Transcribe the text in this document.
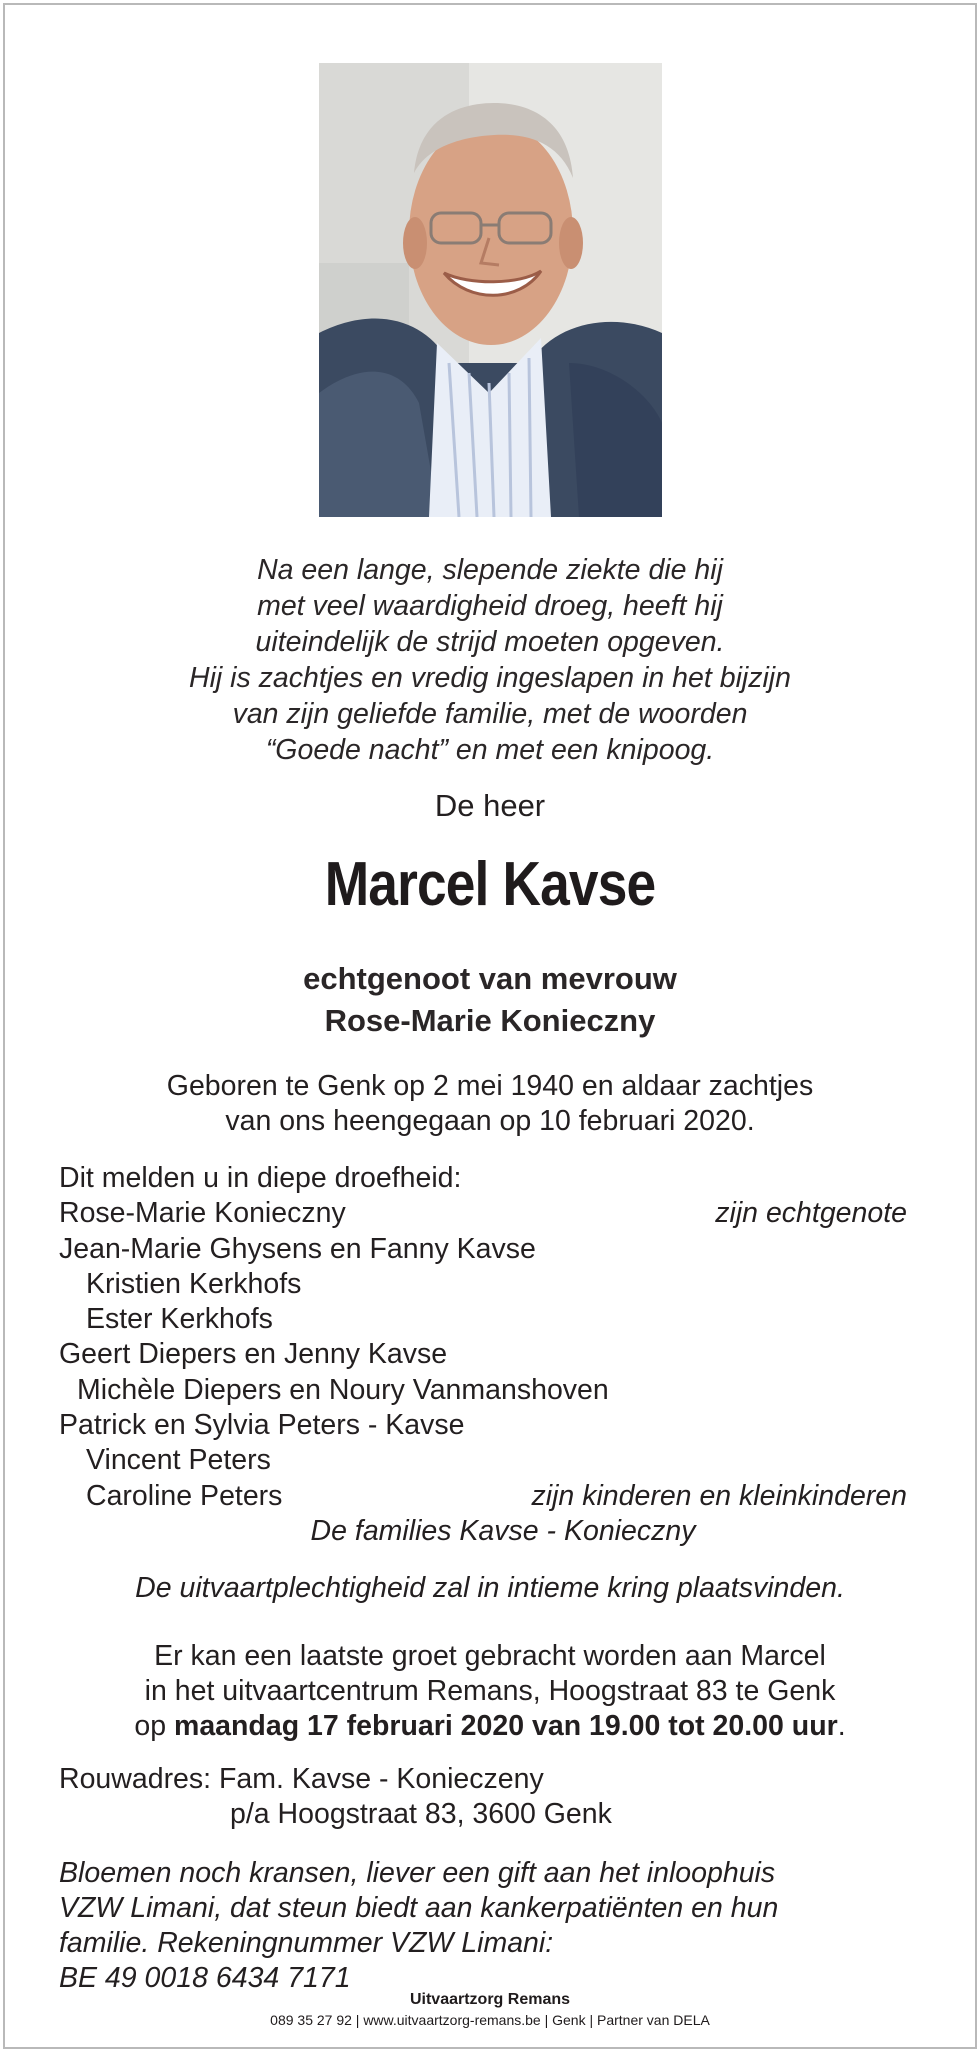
Na een lange, slepende ziekte die hij
met veel waardigheid droeg, heeft hij
uiteindelijk de strijd moeten opgeven.
Hij is zachtjes en vredig ingeslapen in het bijzijn
van zijn geliefde familie, met de woorden
“Goede nacht” en met een knipoog.
De heer
Marcel Kavse
echtgenoot van mevrouw
Rose-Marie Konieczny
Geboren te Genk op 2 mei 1940 en aldaar zachtjes
van ons heengegaan op 10 februari 2020.
Dit melden u in diepe droefheid:
Rose-Marie Konieczny	zijn echtgenote
Jean-Marie Ghysens en Fanny Kavse
Kristien Kerkhofs
Ester Kerkhofs
Geert Diepers en Jenny Kavse
Michèle Diepers en Noury Vanmanshoven
Patrick en Sylvia Peters - Kavse
Vincent Peters
Caroline Peters	zijn kinderen en kleinkinderen
De families Kavse - Konieczny
De uitvaartplechtigheid zal in intieme kring plaatsvinden.
Er kan een laatste groet gebracht worden aan Marcel
in het uitvaartcentrum Remans, Hoogstraat 83 te Genk
op maandag 17 februari 2020 van 19.00 tot 20.00 uur.
Rouwadres: Fam. Kavse - Konieczeny
p/a Hoogstraat 83, 3600 Genk
Bloemen noch kransen, liever een gift aan het inloophuis
VZW Limani, dat steun biedt aan kankerpatiënten en hun
familie. Rekeningnummer VZW Limani:
BE 49 0018 6434 7171
Uitvaartzorg Remans
089 35 27 92 | www.uitvaartzorg-remans.be | Genk | Partner van DELA
